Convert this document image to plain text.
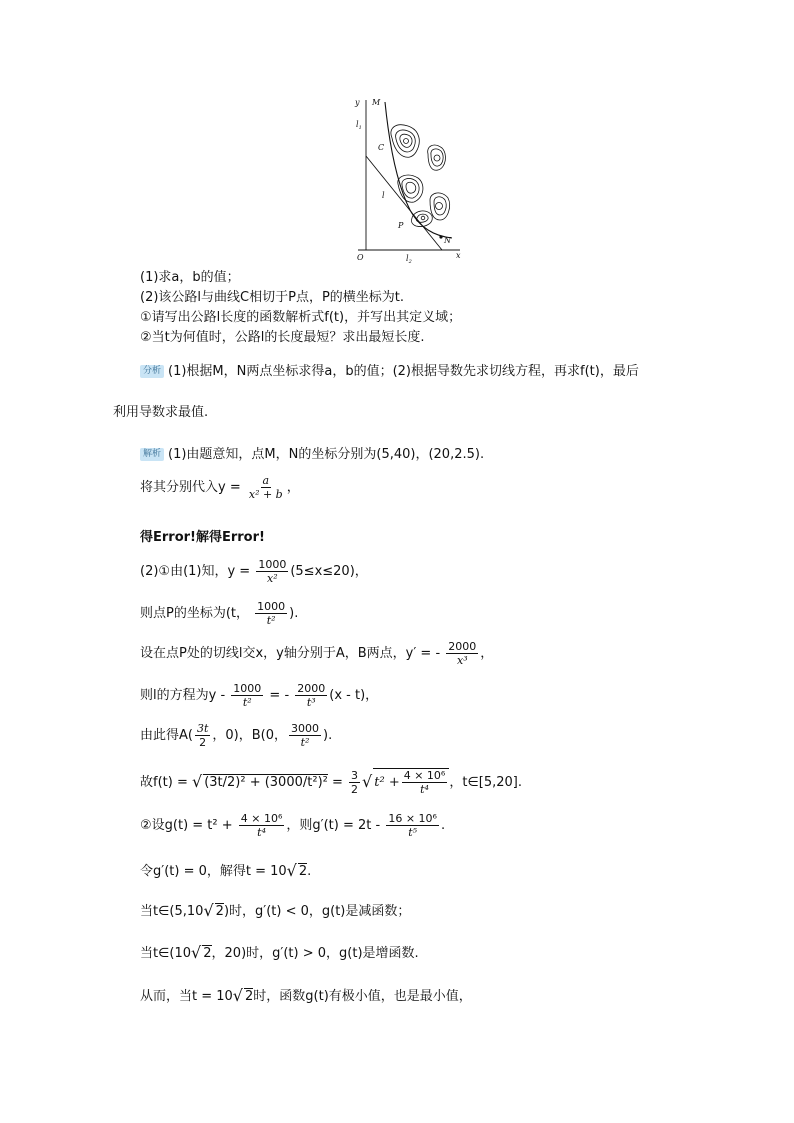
y M
$l_1$
C
l
P
N
O	$l_2$
x
(1)求a，b的值；
(2)该公路l与曲线C相切于P点，P的横坐标为t.
①请写出公路l长度的函数解析式f(t)，并写出其定义域；
②当t为何值时，公路l的长度最短？求出最短长度.
分析 (1)根据M，N两点坐标求得a，b的值；(2)根据导数先求切线方程，再求f(t)，最后
利用导数求最值.
解析 (1)由题意知，点M，N的坐标分别为(5,40)，(20,2.5).
将其分别代入$y = \frac{a}{\text{x² + b}}$ ，
得Error!解得Error!
(2)①由(1)知，$y = \frac{1000}{\text{x²}} (5\le x\le 20)$，
则点P的坐标为(t， $\frac{1000}{\text{t²}}$ ).
设在点P处的切线l交x，y轴分别于A，B两点，y′ = - $\frac{2000}{\text{x³}}$ ，
则l的方程为y - $\frac{1000}{\text{t²}}$ = - $\frac{2000}{\text{t³}} (x - t)$，
由此得$A( \frac{3t}{2}$ ，0)，B(0， $\frac{3000}{\text{t²}}$ ).
故f(t) = √ $(3t/2)^2 + (3000/t^2)^2 = \frac{3}{2}$ √ $t^2 + \frac{\text{4 × 10⁶}}{\text{t⁴}}$ ，t∈[5,20].
②设$g(t) = t^2 + \frac{\text{4 × 10⁶}}{\text{t⁴}}$ ，则$g'(t) = 2t - \frac{\text{16 × 10⁶}}{\text{t⁵}}$ .
令g′(t) = 0，解得t = 10√ 2.
当t∈(5,10√ 2)时，g′(t) < 0，g(t)是减函数；
当t∈(10√ 2，20)时，g′(t) > 0，g(t)是增函数.
从而，当t = 10√ 2时，函数g(t)有极小值，也是最小值，
